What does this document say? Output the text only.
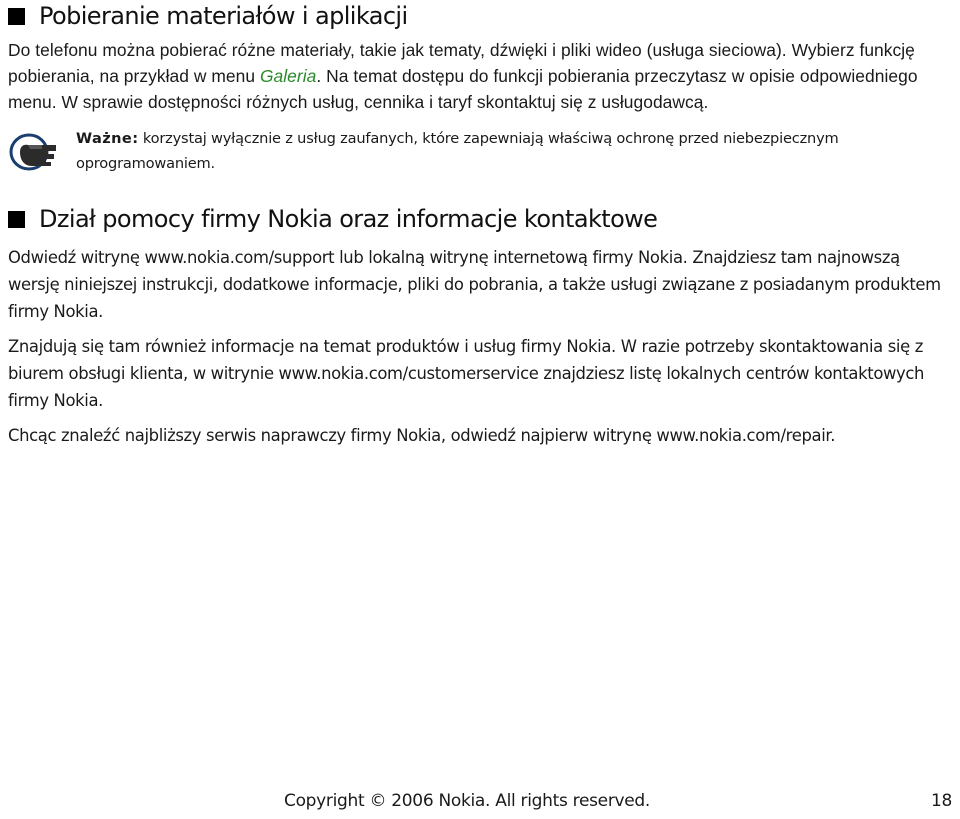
Pobieranie materiałów i aplikacji

Do telefonu można pobierać różne materiały, takie jak tematy, dźwięki i pliki wideo (usługa sieciowa). Wybierz funkcję pobierania, na przykład w menu Galeria. Na temat dostępu do funkcji pobierania przeczytasz w opisie odpowiedniego menu. W sprawie dostępności różnych usług, cennika i taryf skontaktuj się z usługodawcą.

Ważne: korzystaj wyłącznie z usług zaufanych, które zapewniają właściwą ochronę przed niebezpiecznym oprogramowaniem.

Dział pomocy firmy Nokia oraz informacje kontaktowe

Odwiedź witrynę www.nokia.com/support lub lokalną witrynę internetową firmy Nokia. Znajdziesz tam najnowszą wersję niniejszej instrukcji, dodatkowe informacje, pliki do pobrania, a także usługi związane z posiadanym produktem firmy Nokia.

Znajdują się tam również informacje na temat produktów i usług firmy Nokia. W razie potrzeby skontaktowania się z biurem obsługi klienta, w witrynie www.nokia.com/customerservice znajdziesz listę lokalnych centrów kontaktowych firmy Nokia.

Chcąc znaleźć najbliższy serwis naprawczy firmy Nokia, odwiedź najpierw witrynę www.nokia.com/repair.

Copyright © 2006 Nokia. All rights reserved.	18
